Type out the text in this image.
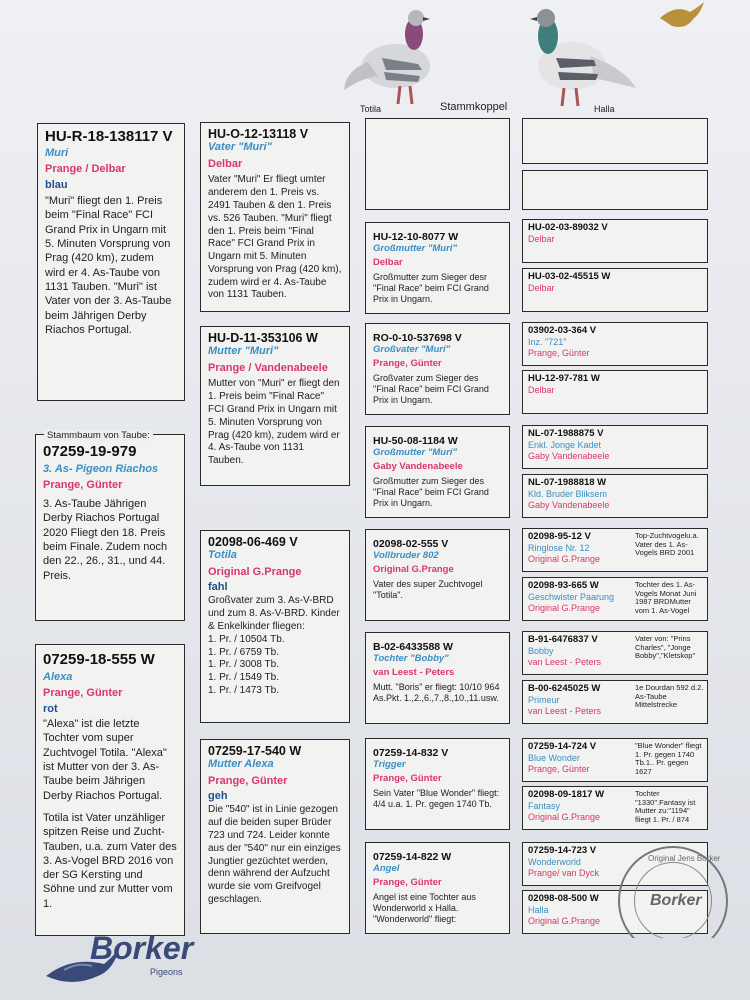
Totila	Stammkoppel	Halla
HU-R-18-138117 V
Muri
Prange / Delbar
blau
"Muri" fliegt den 1. Preis beim "Final Race" FCI Grand Prix in Ungarn mit 5. Minuten Vorsprung von Prag (420 km), zudem wird er 4. As-Taube von 1131 Tauben. "Muri" ist Vater von der 3. As-Taube beim Jährigen Derby Riachos Portugal.
07259-19-979
3. As- Pigeon Riachos
Prange, Günter
3. As-Taube Jährigen Derby Riachos Portugal 2020 Fliegt den 18. Preis beim Finale. Zudem noch den 22., 26., 31., und 44. Preis.
Stammbaum von Taube:
07259-18-555 W
Alexa
Prange, Günter
rot
"Alexa" ist die letzte Tochter vom super Zuchtvogel Totila. "Alexa" ist Mutter von der 3. As-Taube beim Jährigen Derby Riachos Portugal.
Totila ist Vater unzähliger spitzen Reise und Zucht-Tauben, u.a. zum Vater des 3. As-Vogel BRD 2016 von der SG Kersting und Söhne und zur Mutter vom 1.
HU-O-12-13118 V
Vater "Muri"
Delbar
Vater "Muri" Er fliegt umter anderem den 1. Preis vs. 2491 Tauben & den 1. Preis vs. 526 Tauben. "Muri" fliegt den 1. Preis beim "Final Race" FCI Grand Prix in Ungarn mit 5. Minuten Vorsprung von Prag (420 km), zudem wird er 4. As-Taube von 1131 Tauben.
HU-D-11-353106 W
Mutter "Muri"
Prange / Vandenabeele
Mutter von "Muri" er fliegt den 1. Preis beim "Final Race" FCI Grand Prix in Ungarn mit 5. Minuten Vorsprung von Prag (420 km), zudem wird er 4. As-Taube von 1131 Tauben.
02098-06-469 V
Totila
Original G.Prange
fahl
Großvater zum 3. As-V-BRD und zum 8. As-V-BRD. Kinder & Enkelkinder fliegen:
1. Pr. / 10504 Tb.
1. Pr. / 6759 Tb.
1. Pr. / 3008 Tb.
1. Pr. / 1549 Tb.
1. Pr. / 1473 Tb.
07259-17-540 W
Mutter Alexa
Prange, Günter
geh
Die "540" ist in Linie gezogen auf die beiden super Brüder 723 und 724. Leider konnte aus der "540" nur ein einziges Jungtier gezüchtet werden, denn während der Aufzucht wurde sie vom Greifvogel geschlagen.
HU-12-10-8077 W
Großmutter "Muri"
Delbar
Großmutter zum Sieger desr "Final Race" beim FCI Grand Prix in Ungarn.
RO-0-10-537698 V
Großvater "Muri"
Prange, Günter
Großvater zum Sieger des "Final Race" beim FCI Grand Prix in Ungarn.
HU-50-08-1184 W
Großmutter "Muri"
Gaby Vandenabeele
Großmutter zum Sieger des "Final Race" beim FCI Grand Prix in Ungarn.
02098-02-555 V
Vollbruder 802
Original G.Prange
Vater des super Zuchtvogel "Totila".
B-02-6433588 W
Tochter "Bobby"
van Leest - Peters
Mutt. "Boris" er fliegt: 10/10 964 As.Pkt. 1.,2.,6.,7.,8.,10.,11.usw.
07259-14-832 V
Trigger
Prange, Günter
Sein Vater "Blue Wonder" fliegt: 4/4 u.a. 1. Pr. gegen 1740 Tb.
07259-14-822 W
Angel
Prange, Günter
Angel ist eine Tochter aus Wonderworld x Halla. "Wonderworld" fliegt:
HU-02-03-89032 V
Delbar
HU-03-02-45515 W
Delbar
03902-03-364 V
Inz. "721"
Prange, Günter
HU-12-97-781 W
Delbar
NL-07-1988875 V
Enkl. Jonge Kadet
Gaby Vandenabeele
NL-07-1988818 W
Kld. Bruder Bliksem
Gaby Vandenabeele
02098-95-12 V
Ringlose Nr. 12
Original G.Prange
Top-Zuchtvogelu.a. Vater des 1. As-Vogels BRD 2001
02098-93-665 W
Geschwister Paarung
Original G.Prange
Tochter des 1. As-Vogels Monat Juni 1987 BRDMutter vom 1. As-Vogel
B-91-6476837 V
Bobby
van Leest - Peters
Vater von: "Prins Charles", "Jonge Bobby","Kletskop"
B-00-6245025 W
Primeur
van Leest - Peters
1e Dourdan 592 d.2. As-Taube Mittelstrecke
07259-14-724 V
Blue Wonder
Prange, Günter
"Blue Wonder" fliegt 1. Pr. gegen 1740 Tb.1.. Pr. gegen 1627
02098-09-1817 W
Fantasy
Original G.Prange
Tochter "1330".Fantasy ist Mutter zu:"1194" fliegt 1. Pr. / 874
07259-14-723 V
Wonderworld
Prange/ van Dyck
02098-08-500 W
Halla
Original G.Prange
Original Jens Borker
Borker
Borker
Pigeons
